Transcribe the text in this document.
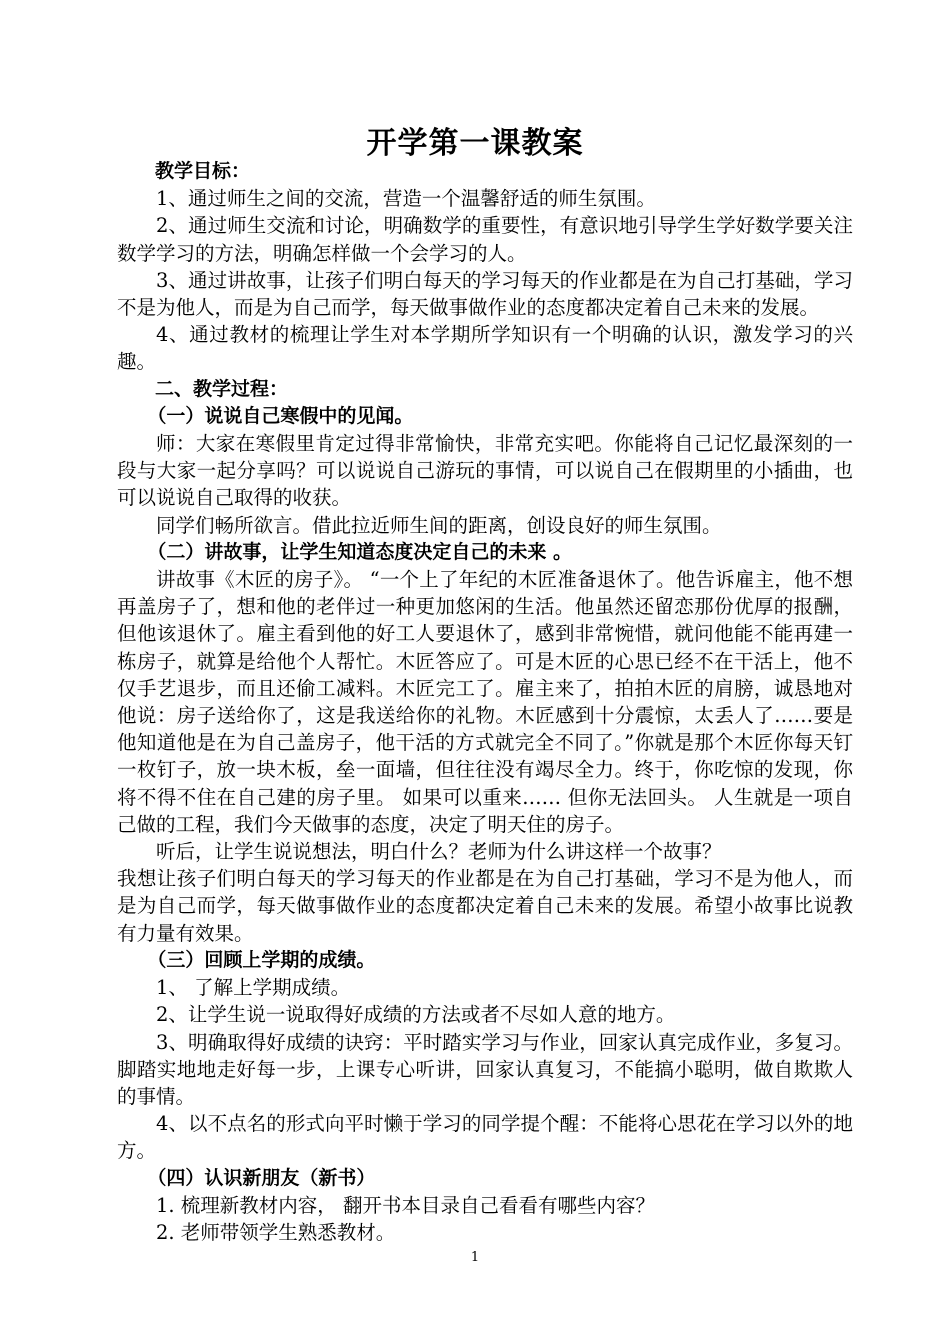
开学第一课教案

教学目标：

1、通过师生之间的交流，营造一个温馨舒适的师生氛围。

2、通过师生交流和讨论，明确数学的重要性，有意识地引导学生学好数学要关注数学学习的方法，明确怎样做一个会学习的人。

3、通过讲故事，让孩子们明白每天的学习每天的作业都是在为自己打基础，学习不是为他人，而是为自己而学，每天做事做作业的态度都决定着自己未来的发展。

4、通过教材的梳理让学生对本学期所学知识有一个明确的认识，激发学习的兴趣。

二、教学过程：

（一）说说自己寒假中的见闻。

师：大家在寒假里肯定过得非常愉快，非常充实吧。你能将自己记忆最深刻的一段与大家一起分享吗？可以说说自己游玩的事情，可以说自己在假期里的小插曲，也可以说说自己取得的收获。

同学们畅所欲言。借此拉近师生间的距离，创设良好的师生氛围。

（二）讲故事，让学生知道态度决定自己的未来 。

讲故事《木匠的房子》。 “一个上了年纪的木匠准备退休了。他告诉雇主，他不想再盖房子了，想和他的老伴过一种更加悠闲的生活。他虽然还留恋那份优厚的报酬，但他该退休了。雇主看到他的好工人要退休了，感到非常惋惜，就问他能不能再建一栋房子，就算是给他个人帮忙。木匠答应了。可是木匠的心思已经不在干活上，他不仅手艺退步，而且还偷工减料。木匠完工了。雇主来了，拍拍木匠的肩膀，诚恳地对他说：房子送给你了，这是我送给你的礼物。木匠感到十分震惊，太丢人了……要是他知道他是在为自己盖房子，他干活的方式就完全不同了。”你就是那个木匠你每天钉一枚钉子，放一块木板，垒一面墙，但往往没有竭尽全力。终于，你吃惊的发现，你将不得不住在自己建的房子里。 如果可以重来…… 但你无法回头。 人生就是一项自己做的工程，我们今天做事的态度，决定了明天住的房子。

听后，让学生说说想法，明白什么？老师为什么讲这样一个故事？

我想让孩子们明白每天的学习每天的作业都是在为自己打基础，学习不是为他人，而是为自己而学，每天做事做作业的态度都决定着自己未来的发展。希望小故事比说教有力量有效果。

（三）回顾上学期的成绩。

1、 了解上学期成绩。

2、让学生说一说取得好成绩的方法或者不尽如人意的地方。

3、明确取得好成绩的诀窍：平时踏实学习与作业，回家认真完成作业，多复习。脚踏实地地走好每一步，上课专心听讲，回家认真复习，不能搞小聪明，做自欺欺人的事情。

4、以不点名的形式向平时懒于学习的同学提个醒：不能将心思花在学习以外的地方。

（四）认识新朋友（新书）

1. 梳理新教材内容， 翻开书本目录自己看看有哪些内容？

2. 老师带领学生熟悉教材。

1
